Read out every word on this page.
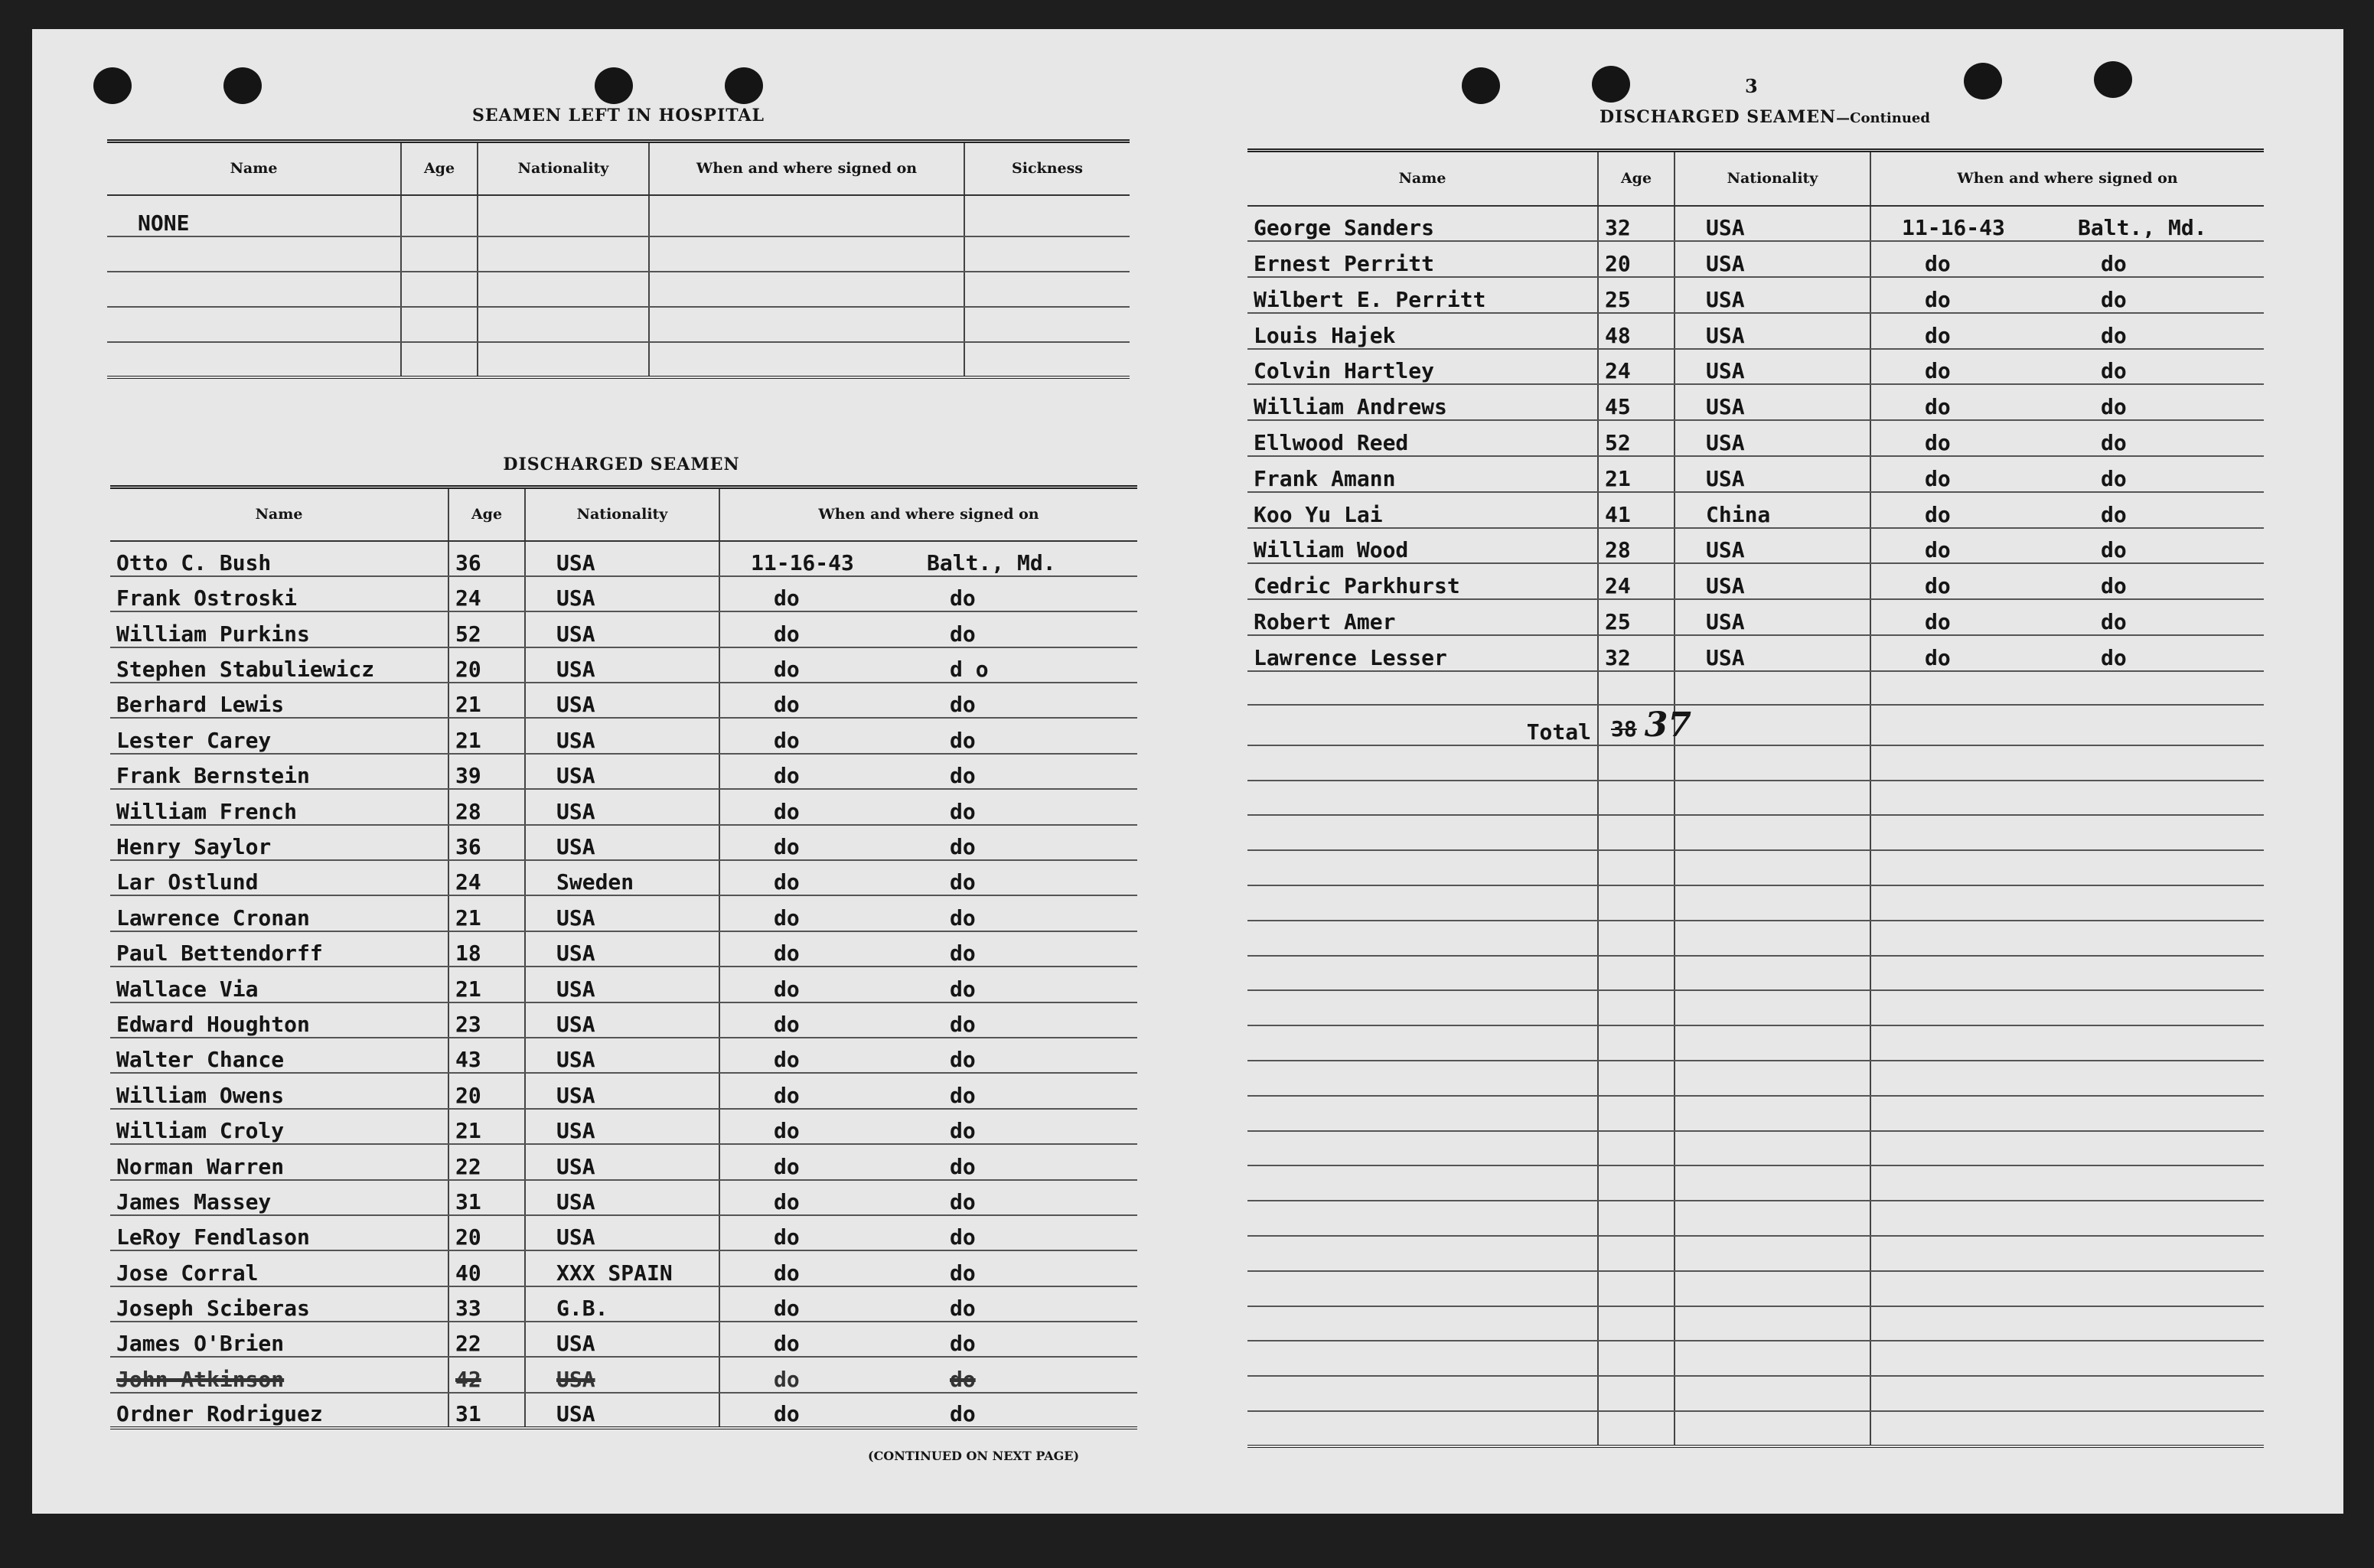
3
SEAMEN LEFT IN HOSPITAL
Name	Age	Nationality	When and where signed on	Sickness
NONE				

DISCHARGED SEAMEN
Name	Age	Nationality	When and where signed on
Otto C. Bush	36	USA	11-16-43 Balt., Md.
Frank Ostroski	24	USA	do do
William Purkins	52	USA	do do
Stephen Stabuliewicz	20	USA	do d o
Berhard Lewis	21	USA	do do
Lester Carey	21	USA	do do
Frank Bernstein	39	USA	do do
William French	28	USA	do do
Henry Saylor	36	USA	do do
Lar Ostlund	24	Sweden	do do
Lawrence Cronan	21	USA	do do
Paul Bettendorff	18	USA	do do
Wallace Via	21	USA	do do
Edward Houghton	23	USA	do do
Walter Chance	43	USA	do do
William Owens	20	USA	do do
William Croly	21	USA	do do
Norman Warren	22	USA	do do
James Massey	31	USA	do do
LeRoy Fendlason	20	USA	do do
Jose Corral	40	XXX SPAIN	do do
Joseph Sciberas	33	G.B.	do do
James O'Brien	22	USA	do do
John Atkinson	42	USA	do do
Ordner Rodriguez	31	USA	do do
(CONTINUED ON NEXT PAGE)
DISCHARGED SEAMEN—Continued
Name	Age	Nationality	When and where signed on
George Sanders	32	USA	11-16-43 Balt., Md.
Ernest Perritt	20	USA	do do
Wilbert E. Perritt	25	USA	do do
Louis Hajek	48	USA	do do
Colvin Hartley	24	USA	do do
William Andrews	45	USA	do do
Ellwood Reed	52	USA	do do
Frank Amann	21	USA	do do
Koo Yu Lai	41	China	do do
William Wood	28	USA	do do
Cedric Parkhurst	24	USA	do do
Robert Amer	25	USA	do do
Lawrence Lesser	32	USA	do do

Total	38 37		
